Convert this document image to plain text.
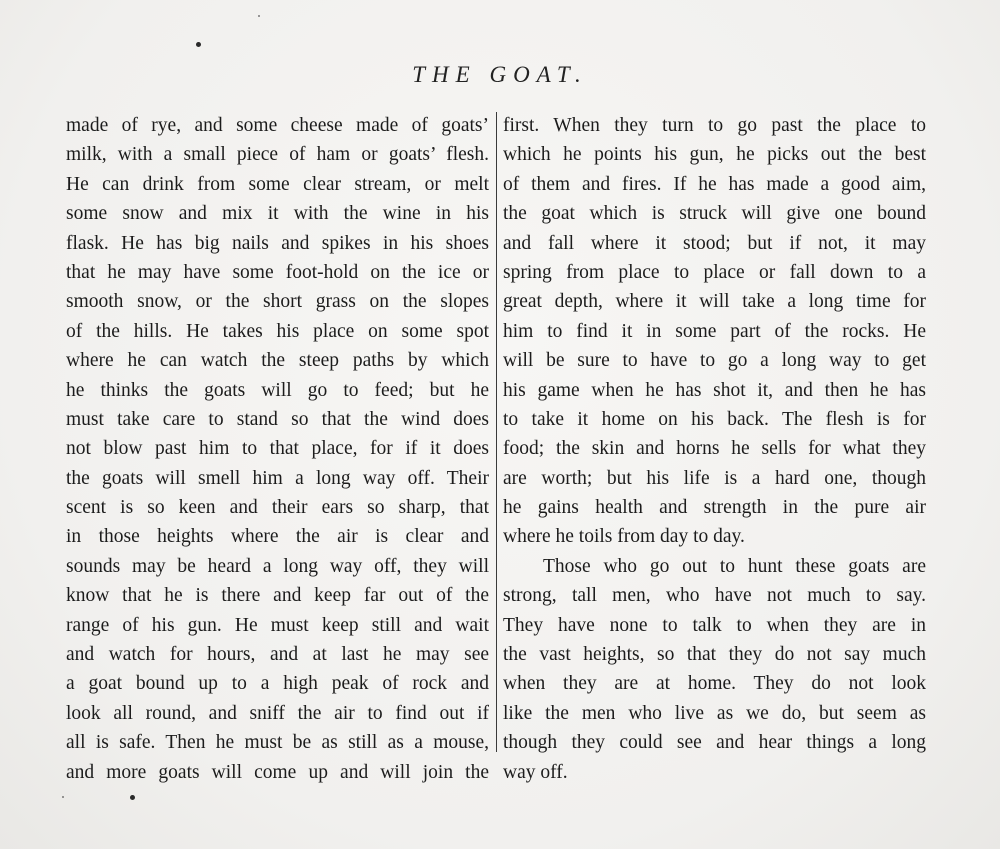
THE GOAT.
made of rye, and some cheese made of goats’
milk, with a small piece of ham or goats’ flesh.
He can drink from some clear stream, or melt
some snow and mix it with the wine in his
flask. He has big nails and spikes in his shoes
that he may have some foot-hold on the ice or
smooth snow, or the short grass on the slopes
of the hills. He takes his place on some spot
where he can watch the steep paths by which
he thinks the goats will go to feed; but he
must take care to stand so that the wind does
not blow past him to that place, for if it does
the goats will smell him a long way off. Their
scent is so keen and their ears so sharp, that
in those heights where the air is clear and
sounds may be heard a long way off, they will
know that he is there and keep far out of the
range of his gun. He must keep still and wait
and watch for hours, and at last he may see
a goat bound up to a high peak of rock and
look all round, and sniff the air to find out if
all is safe. Then he must be as still as a mouse,
and more goats will come up and will join the
first. When they turn to go past the place to
which he points his gun, he picks out the best
of them and fires. If he has made a good aim,
the goat which is struck will give one bound
and fall where it stood; but if not, it may
spring from place to place or fall down to a
great depth, where it will take a long time for
him to find it in some part of the rocks. He
will be sure to have to go a long way to get
his game when he has shot it, and then he has
to take it home on his back. The flesh is for
food; the skin and horns he sells for what they
are worth; but his life is a hard one, though
he gains health and strength in the pure air
where he toils from day to day.
Those who go out to hunt these goats are
strong, tall men, who have not much to say.
They have none to talk to when they are in
the vast heights, so that they do not say much
when they are at home. They do not look
like the men who live as we do, but seem as
though they could see and hear things a long
way off.
